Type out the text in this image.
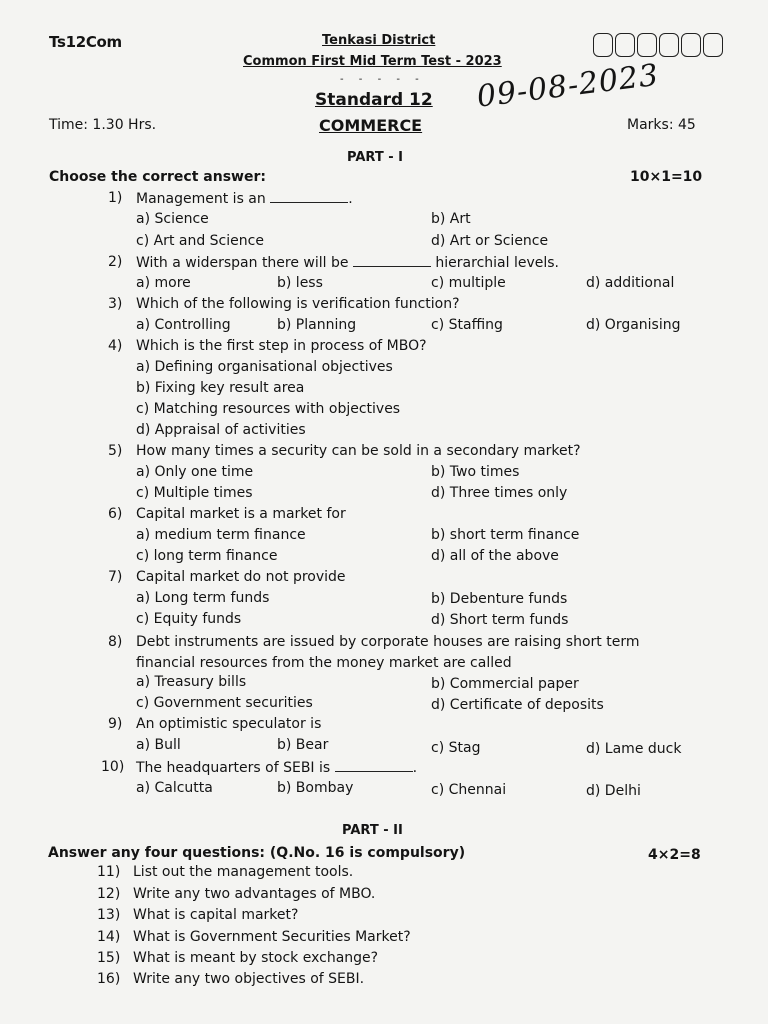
Ts12Com	Tenkasi District
Common First Mid Term Test - 2023
- - - - -
Standard 12
COMMERCE
09-08-2023
Time: 1.30 Hrs.	Marks: 45
PART - I
Choose the correct answer:	10×1=10
1) Management is an	.
a) Science	b) Art
c) Art and Science	d) Art or Science
2) With a widerspan there will be	hierarchial levels.
a) more	b) less	c) multiple	d) additional
3) Which of the following is verification function?
a) Controlling	b) Planning	c) Staffing	d) Organising
4) Which is the first step in process of MBO?
a) Defining organisational objectives
b) Fixing key result area
c) Matching resources with objectives
d) Appraisal of activities
5) How many times a security can be sold in a secondary market?
a) Only one time	b) Two times
c) Multiple times	d) Three times only
6) Capital market is a market for
a) medium term finance	b) short term finance
c) long term finance	d) all of the above
7) Capital market do not provide
a) Long term funds	b) Debenture funds
c) Equity funds	d) Short term funds
8) Debt instruments are issued by corporate houses are raising short term
financial resources from the money market are called
a) Treasury bills	b) Commercial paper
c) Government securities	d) Certificate of deposits
9) An optimistic speculator is
a) Bull	b) Bear	c) Stag	d) Lame duck
10) The headquarters of SEBI is	.
a) Calcutta	b) Bombay	c) Chennai	d) Delhi
PART - II
Answer any four questions: (Q.No. 16 is compulsory)	4×2=8
11) List out the management tools.
12) Write any two advantages of MBO.
13) What is capital market?
14) What is Government Securities Market?
15) What is meant by stock exchange?
16) Write any two objectives of SEBI.
